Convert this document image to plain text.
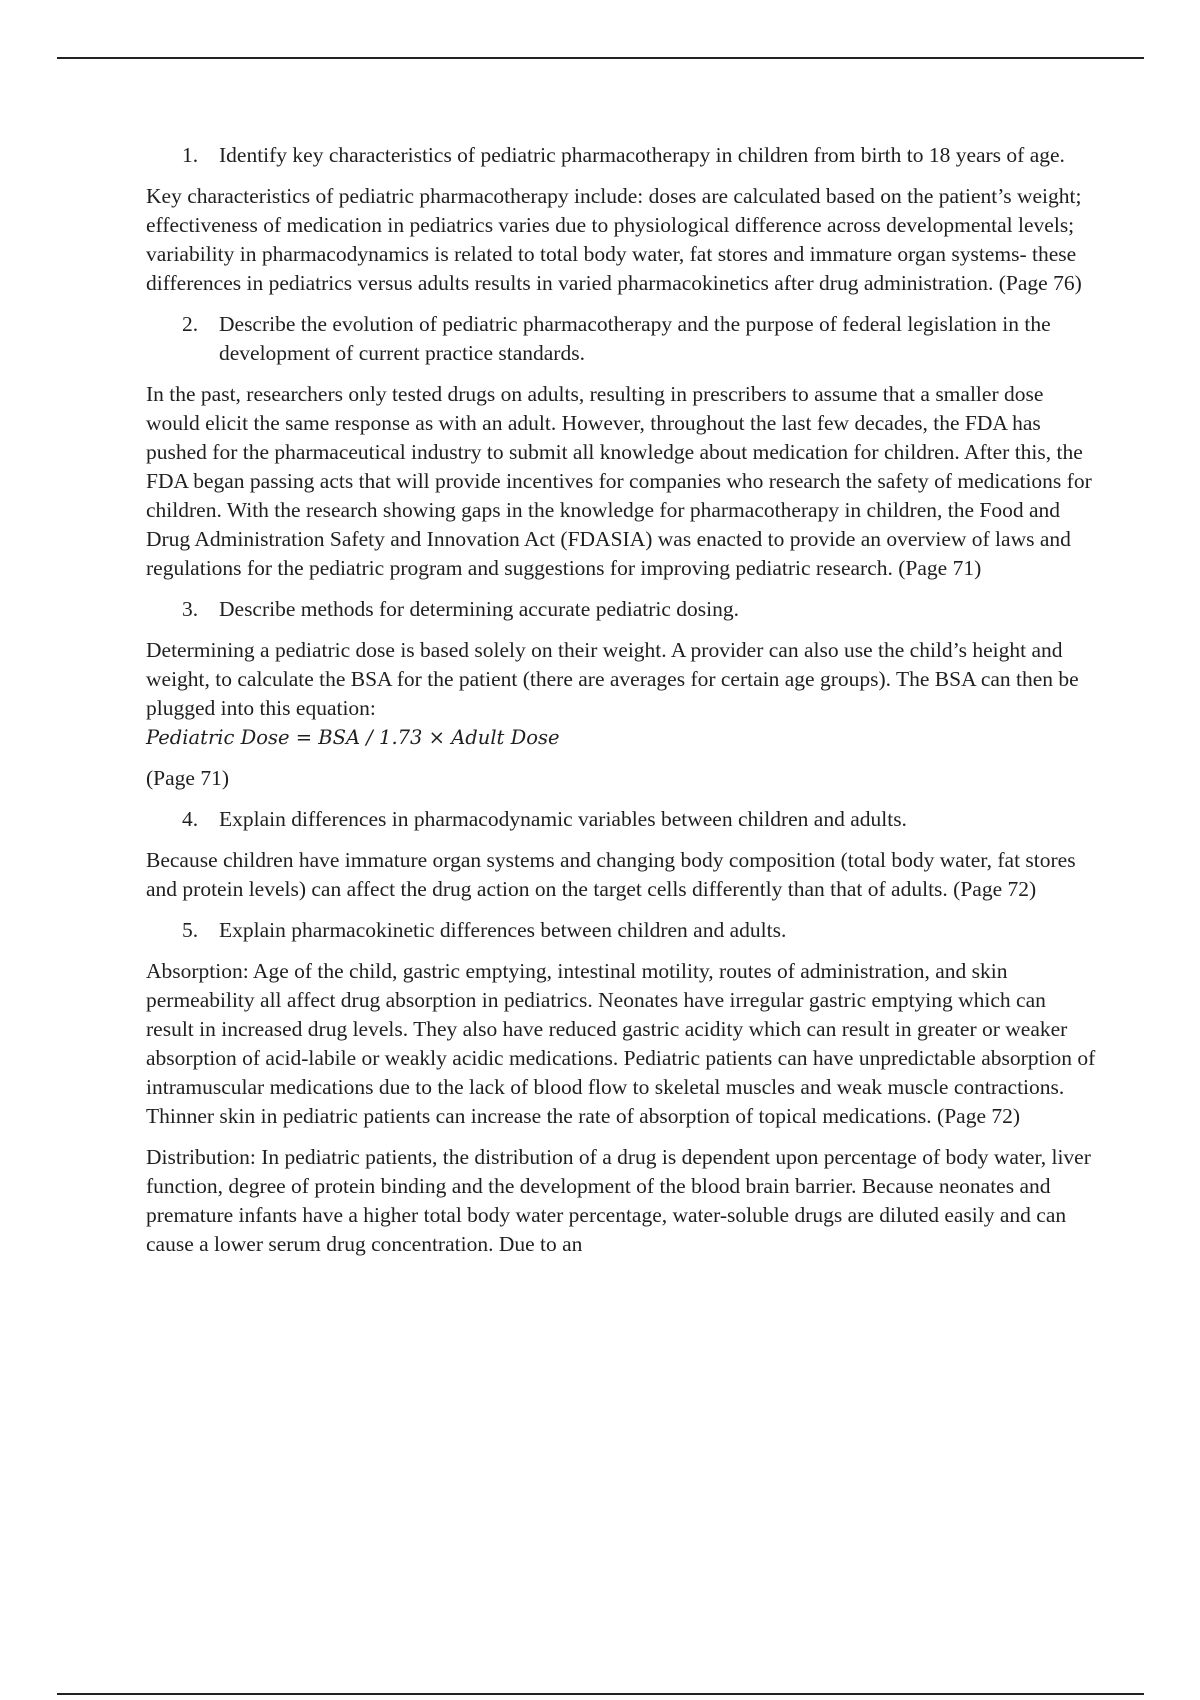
1. Identify key characteristics of pediatric pharmacotherapy in children from birth to 18 years of age.

Key characteristics of pediatric pharmacotherapy include: doses are calculated based on the patient’s weight; effectiveness of medication in pediatrics varies due to physiological difference across developmental levels; variability in pharmacodynamics is related to total body water, fat stores and immature organ systems- these differences in pediatrics versus adults results in varied pharmacokinetics after drug administration. (Page 76)

2. Describe the evolution of pediatric pharmacotherapy and the purpose of federal legislation in the development of current practice standards.

In the past, researchers only tested drugs on adults, resulting in prescribers to assume that a smaller dose would elicit the same response as with an adult. However, throughout the last few decades, the FDA has pushed for the pharmaceutical industry to submit all knowledge about medication for children. After this, the FDA began passing acts that will provide incentives for companies who research the safety of medications for children. With the research showing gaps in the knowledge for pharmacotherapy in children, the Food and Drug Administration Safety and Innovation Act (FDASIA) was enacted to provide an overview of laws and regulations for the pediatric program and suggestions for improving pediatric research. (Page 71)

3. Describe methods for determining accurate pediatric dosing.

Determining a pediatric dose is based solely on their weight. A provider can also use the child’s height and weight, to calculate the BSA for the patient (there are averages for certain age groups). The BSA can then be plugged into this equation:

Pediatric Dose = BSA / 1.73 × Adult Dose

(Page 71)

4. Explain differences in pharmacodynamic variables between children and adults.

Because children have immature organ systems and changing body composition (total body water, fat stores and protein levels) can affect the drug action on the target cells differently than that of adults. (Page 72)

5. Explain pharmacokinetic differences between children and adults.

Absorption: Age of the child, gastric emptying, intestinal motility, routes of administration, and skin permeability all affect drug absorption in pediatrics. Neonates have irregular gastric emptying which can result in increased drug levels. They also have reduced gastric acidity which can result in greater or weaker absorption of acid-labile or weakly acidic medications. Pediatric patients can have unpredictable absorption of intramuscular medications due to the lack of blood flow to skeletal muscles and weak muscle contractions. Thinner skin in pediatric patients can increase the rate of absorption of topical medications. (Page 72)

Distribution: In pediatric patients, the distribution of a drug is dependent upon percentage of body water, liver function, degree of protein binding and the development of the blood brain barrier. Because neonates and premature infants have a higher total body water percentage, water-soluble drugs are diluted easily and can cause a lower serum drug concentration. Due to an
